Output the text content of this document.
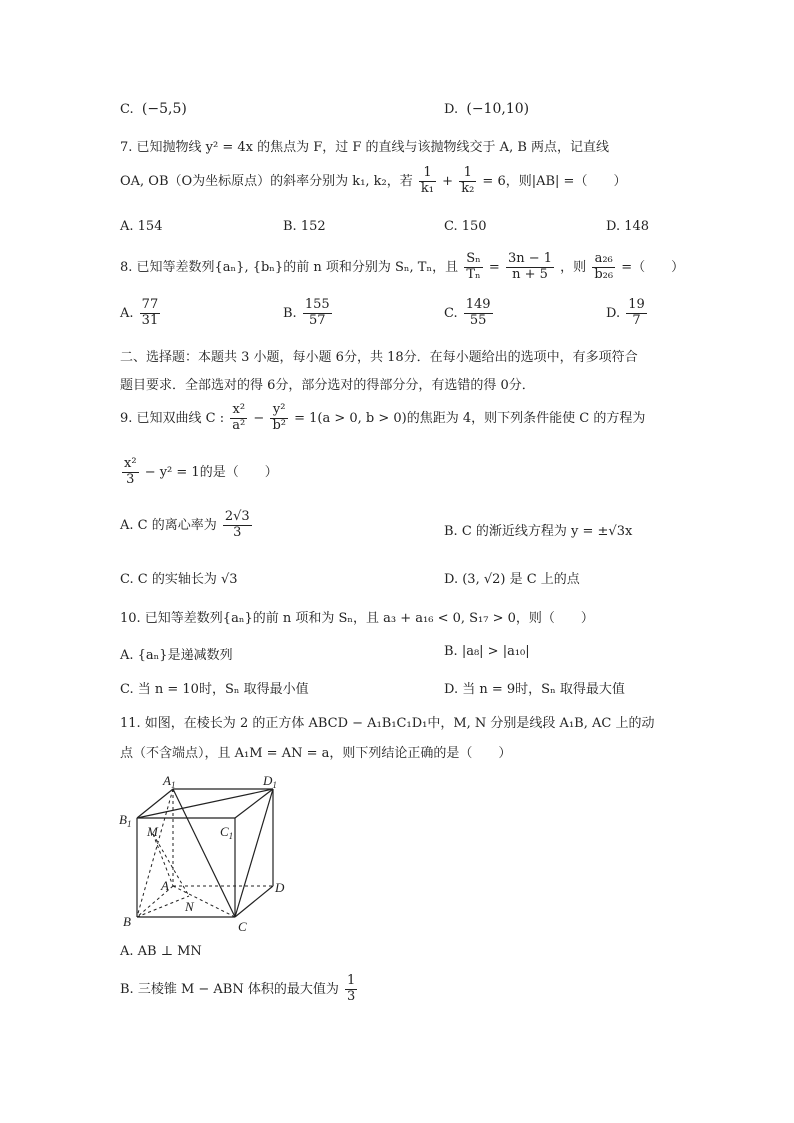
C. (−5,5)	D. (−10,10)
7. 已知抛物线 y² = 4x 的焦点为 F，过 F 的直线与该抛物线交于 A, B 两点，记直线
OA, OB（O为坐标原点）的斜率分别为 k₁, k₂，若 $\frac{1}{\text{k₁}} + \frac{1}{\text{k₂}} = 6$，则|AB| =（　　）
A. 154	B. 152	C. 150	D. 148
8. 已知等差数列{aₙ}, {bₙ}的前 n 项和分别为 Sₙ, Tₙ，且 $\frac{\text{Sₙ}}{\text{Tₙ}} = \frac{3n - 1}{n + 5}$ ，则 $\frac{\text{a₂₆}}{\text{b₂₆}}$ =（　　）
A. $\frac{77}{31}$	B. $\frac{155}{57}$	C. $\frac{149}{55}$	D. $\frac{19}{7}$
二、选择题：本题共 3 小题，每小题 6分，共 18分．在每小题给出的选项中，有多项符合
题目要求．全部选对的得 6分，部分选对的得部分分，有选错的得 0分．
9. 已知双曲线 C : $\frac{\text{x²}}{\text{a²}} - \frac{\text{y²}}{\text{b²}} = 1(a > 0$, b > 0)的焦距为 4，则下列条件能使 C 的方程为
$\frac{\text{x²}}{3} - y^2 = 1$的是（　　）
A. C 的离心率为 $\frac{2√3}{3}$	B. C 的渐近线方程为 y = ±√3x
C. C 的实轴长为 √3	D. (3, √2) 是 C 上的点
10. 已知等差数列{aₙ}的前 n 项和为 Sₙ，且 a₃ + a₁₆ < 0, S₁₇ > 0，则（　　）
A. {aₙ}是递减数列	B. |a₈| > |a₁₀|
C. 当 n = 10时，Sₙ 取得最小值	D. 当 n = 9时，Sₙ 取得最大值
11. 如图，在棱长为 2 的正方体 ABCD − A₁B₁C₁D₁中，M, N 分别是线段 A₁B, AC 上的动
点（不含端点），且 A₁M = AN = a，则下列结论正确的是（　　）
$A_1$	$D_1$
$B_1$	$C_1$
M
A	D
N
B	C
A. AB ⊥ MN
B. 三棱锥 M − ABN 体积的最大值为 $\frac{1}{3}$
